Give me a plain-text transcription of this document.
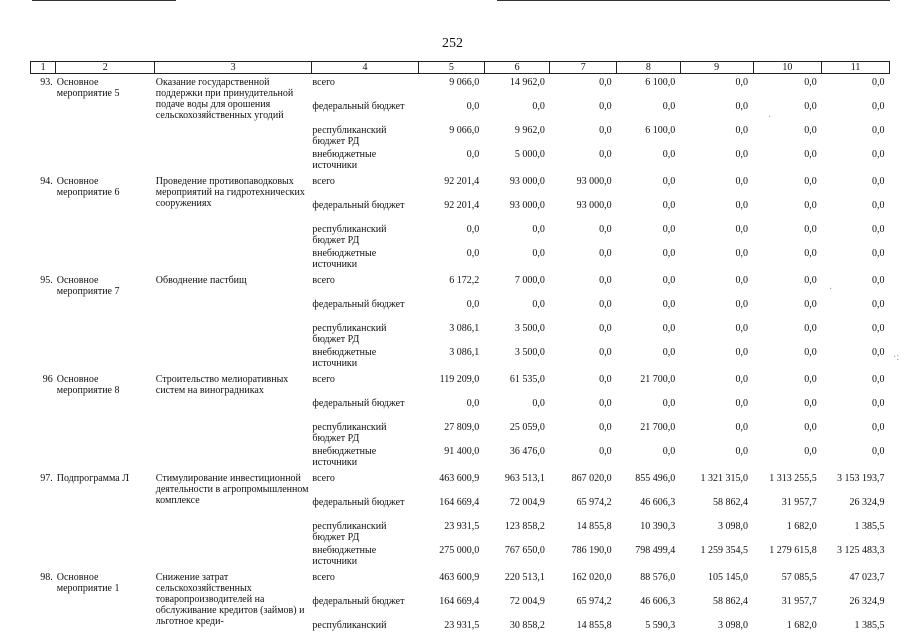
252
1	2	3	4	5	6	7	8	9	10	11
93.	Основное мероприятие 5	Оказание государственной поддержки при принудительной подаче воды для орошения сельскохозяйственных угодий	всего	9 066,0	14 962,0	0,0	6 100,0	0,0	0,0	0,0
			федеральный бюджет	0,0	0,0	0,0	0,0	0,0	0,0	0,0
			республиканский бюджет РД	9 066,0	9 962,0	0,0	6 100,0	0,0	0,0	0,0
			внебюджетные источники	0,0	5 000,0	0,0	0,0	0,0	0,0	0,0
94.	Основное мероприятие 6	Проведение противопаводковых мероприятий на гидротехнических сооружениях	всего	92 201,4	93 000,0	93 000,0	0,0	0,0	0,0	0,0
			федеральный бюджет	92 201,4	93 000,0	93 000,0	0,0	0,0	0,0	0,0
			республиканский бюджет РД	0,0	0,0	0,0	0,0	0,0	0,0	0,0
			внебюджетные источники	0,0	0,0	0,0	0,0	0,0	0,0	0,0
95.	Основное мероприятие 7	Обводнение пастбищ	всего	6 172,2	7 000,0	0,0	0,0	0,0	0,0	0,0
			федеральный бюджет	0,0	0,0	0,0	0,0	0,0	0,0	0,0
			республиканский бюджет РД	3 086,1	3 500,0	0,0	0,0	0,0	0,0	0,0
			внебюджетные источники	3 086,1	3 500,0	0,0	0,0	0,0	0,0	0,0
96	Основное мероприятие 8	Строительство мелиоративных систем на виноградниках	всего	119 209,0	61 535,0	0,0	21 700,0	0,0	0,0	0,0
			федеральный бюджет	0,0	0,0	0,0	0,0	0,0	0,0	0,0
			республиканский бюджет РД	27 809,0	25 059,0	0,0	21 700,0	0,0	0,0	0,0
			внебюджетные источники	91 400,0	36 476,0	0,0	0,0	0,0	0,0	0,0
97.	Подпрограмма Л	Стимулирование инвестиционной деятельности в агропромышленном комплексе	всего	463 600,9	963 513,1	867 020,0	855 496,0	1 321 315,0	1 313 255,5	3 153 193,7
			федеральный бюджет	164 669,4	72 004,9	65 974,2	46 606,3	58 862,4	31 957,7	26 324,9
			республиканский бюджет РД	23 931,5	123 858,2	14 855,8	10 390,3	3 098,0	1 682,0	1 385,5
			внебюджетные источники	275 000,0	767 650,0	786 190,0	798 499,4	1 259 354,5	1 279 615,8	3 125 483,3
98.	Основное мероприятие 1	Снижение затрат сельскохозяйственных товаропроизводителей на обслуживание кредитов (займов) и льготное креди-	всего	463 600,9	220 513,1	162 020,0	88 576,0	105 145,0	57 085,5	47 023,7
			федеральный бюджет	164 669,4	72 004,9	65 974,2	46 606,3	58 862,4	31 957,7	26 324,9
			республиканский	23 931,5	30 858,2	14 855,8	5 590,3	3 098,0	1 682,0	1 385,5
·
·
·:
